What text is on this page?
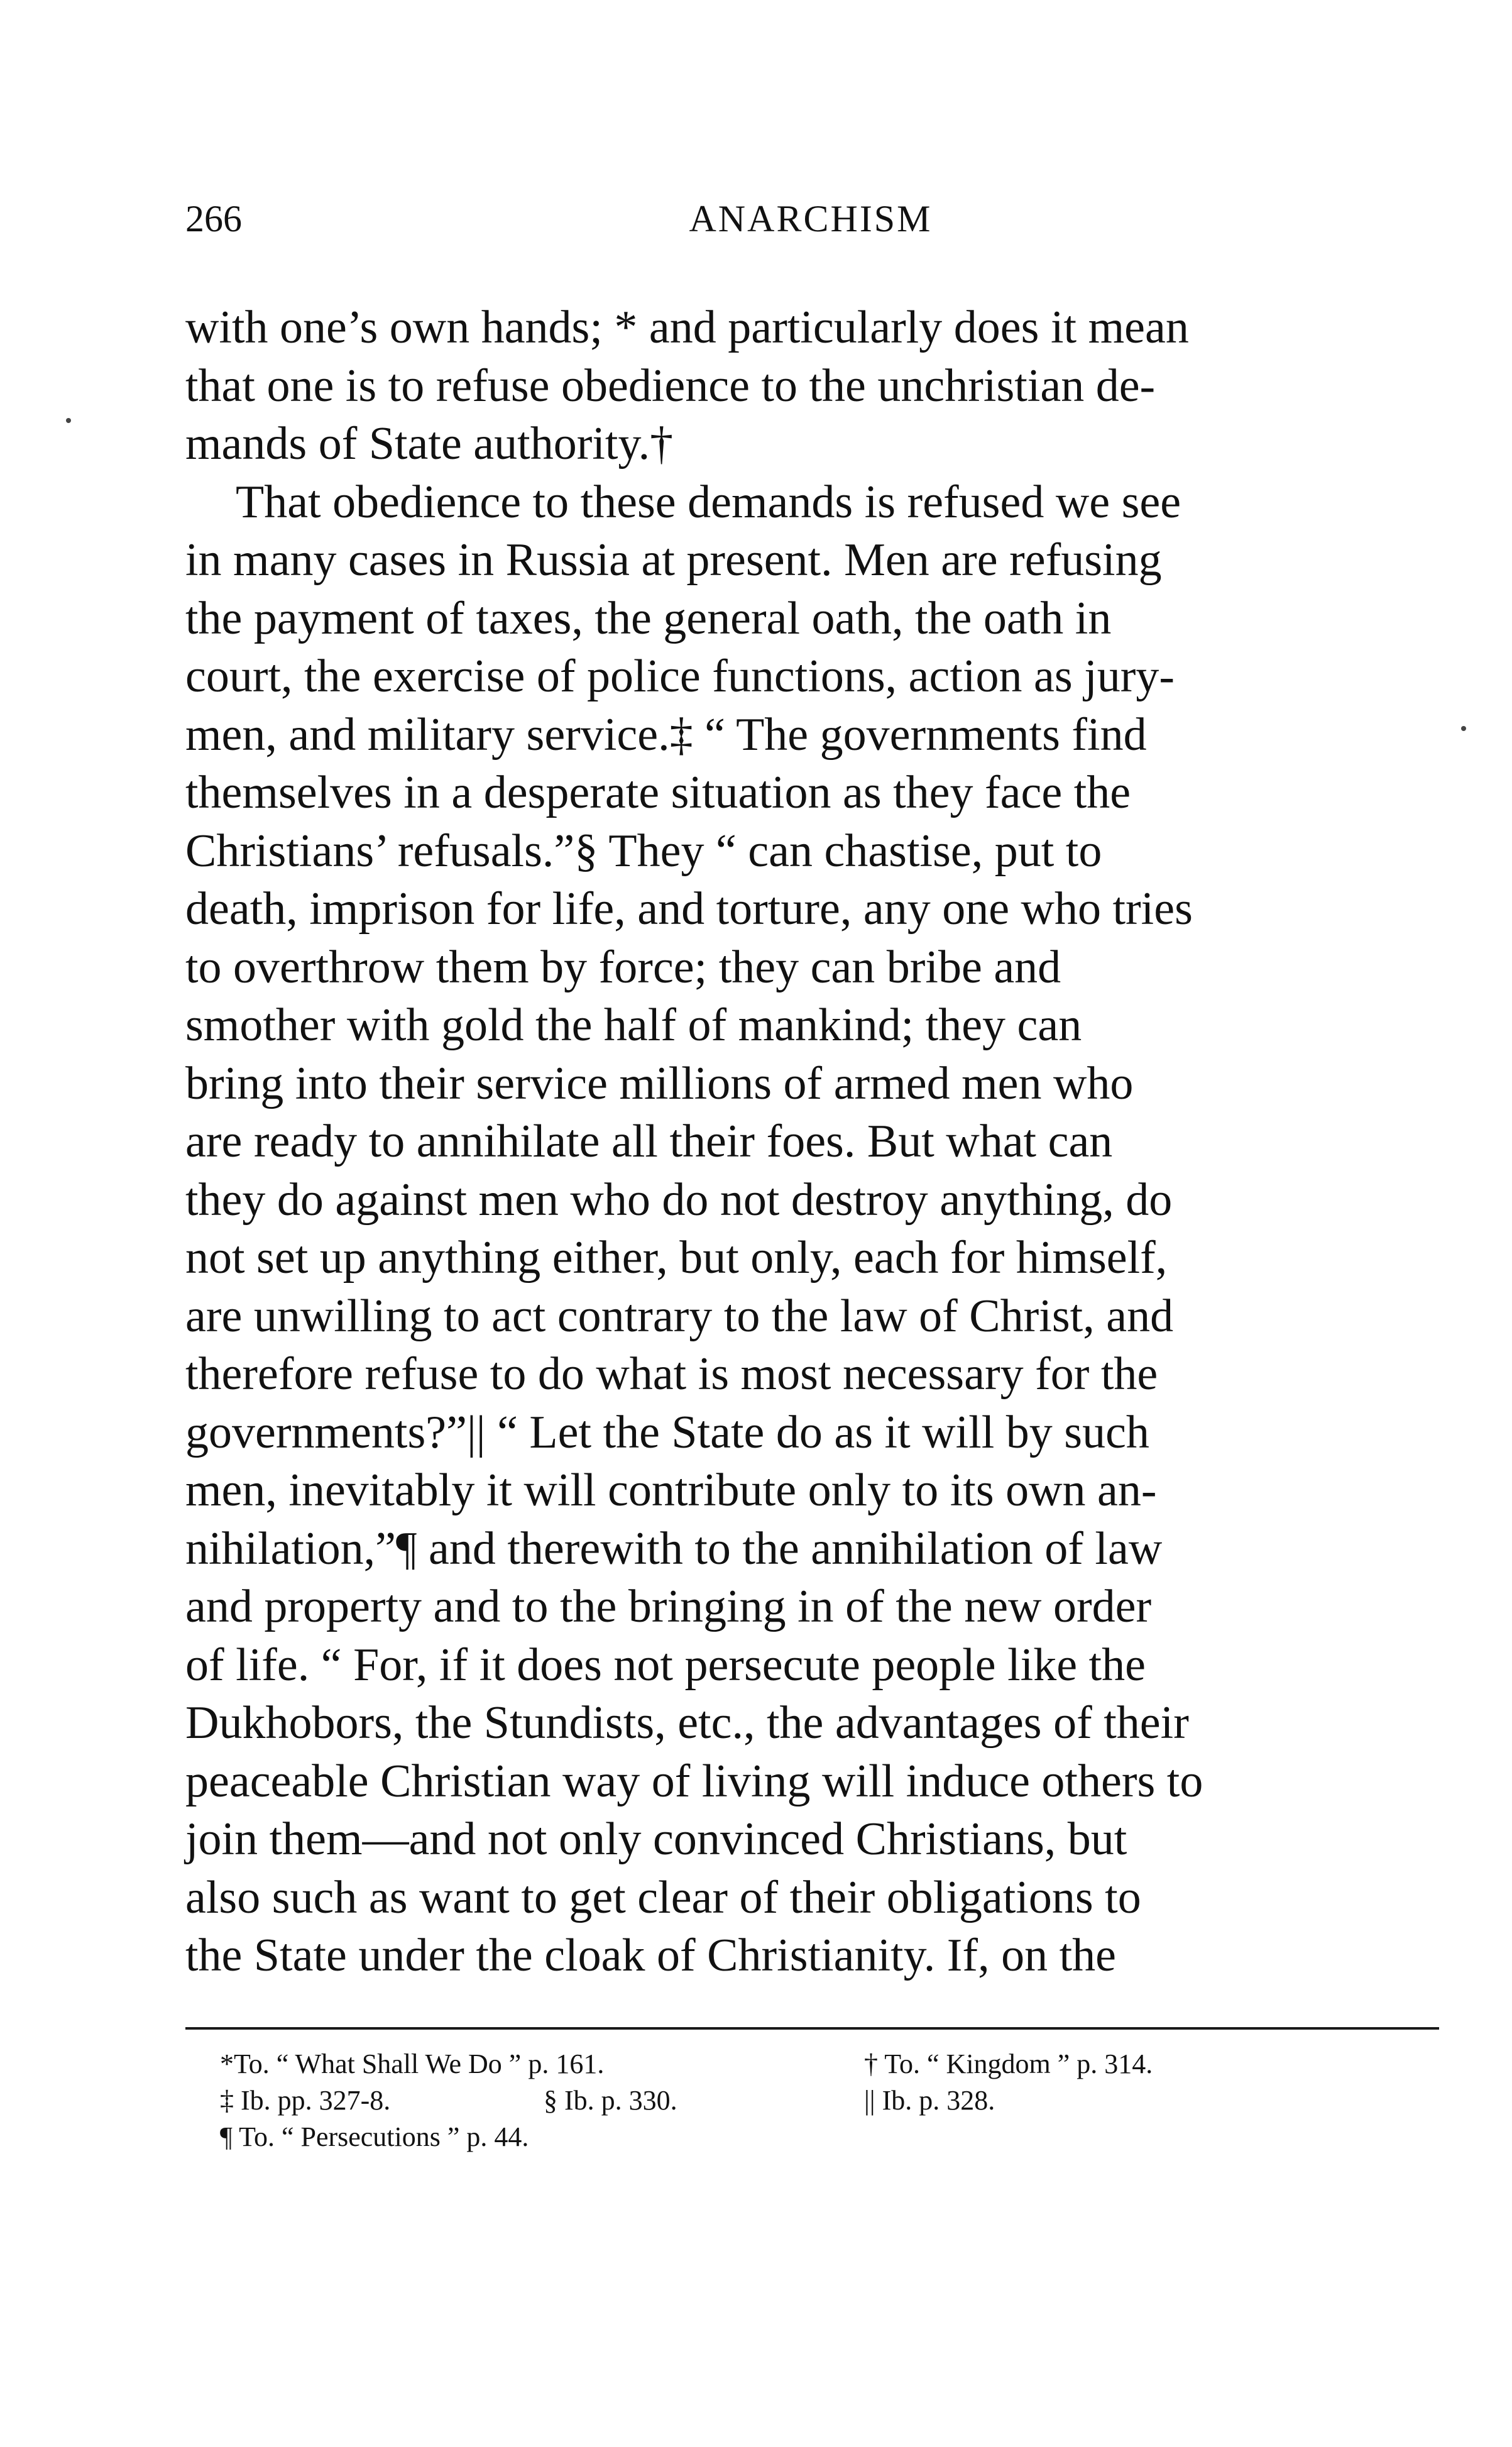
266	ANARCHISM
with one’s own hands; * and particularly does it mean
that one is to refuse obedience to the unchristian de-
mands of State authority.†
That obedience to these demands is refused we see
in many cases in Russia at present. Men are refusing
the payment of taxes, the general oath, the oath in
court, the exercise of police functions, action as jury-
men, and military service.‡ “ The governments find
themselves in a desperate situation as they face the
Christians’ refusals.”§ They “ can chastise, put to
death, imprison for life, and torture, any one who tries
to overthrow them by force; they can bribe and
smother with gold the half of mankind; they can
bring into their service millions of armed men who
are ready to annihilate all their foes. But what can
they do against men who do not destroy anything, do
not set up anything either, but only, each for himself,
are unwilling to act contrary to the law of Christ, and
therefore refuse to do what is most necessary for the
governments?”|| “ Let the State do as it will by such
men, inevitably it will contribute only to its own an-
nihilation,”¶ and therewith to the annihilation of law
and property and to the bringing in of the new order
of life. “ For, if it does not persecute people like the
Dukhobors, the Stundists, etc., the advantages of their
peaceable Christian way of living will induce others to
join them—and not only convinced Christians, but
also such as want to get clear of their obligations to
the State under the cloak of Christianity. If, on the
*To. “ What Shall We Do ” p. 161.	† To. “ Kingdom ” p. 314.
‡ Ib. pp. 327-8.	§ Ib. p. 330.	|| Ib. p. 328.
¶ To. “ Persecutions ” p. 44.
